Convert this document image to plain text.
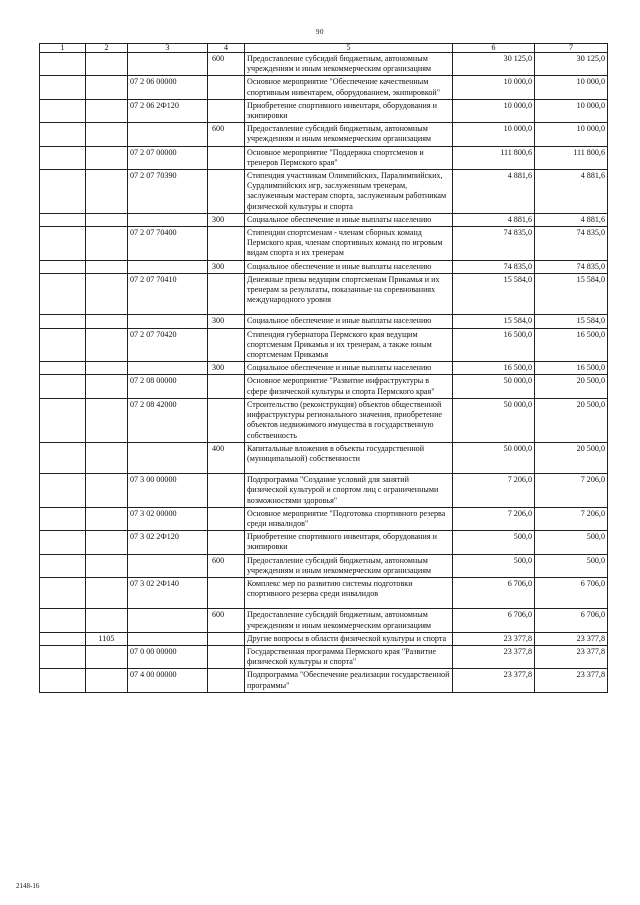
90
1	2	3	4	5	6	7
			600	Предоставление субсидий бюджетным, автономным учреждениям и иным некоммерческим организациям	30 125,0	30 125,0
		07 2 06 00000		Основное мероприятие "Обеспечение качественным спортивным инвентарем, оборудованием, экипировкой"	10 000,0	10 000,0
		07 2 06 2Ф120		Приобретение спортивного инвентаря, оборудования и экипировки	10 000,0	10 000,0
			600	Предоставление субсидий бюджетным, автономным учреждениям и иным некоммерческим организациям	10 000,0	10 000,0
		07 2 07 00000		Основное мероприятие "Поддержка спортсменов и тренеров Пермского края"	111 800,6	111 800,6
		07 2 07 70390		Стипендия участникам Олимпийских, Паралимпийских, Сурдлимпийских игр, заслуженным тренерам, заслуженным мастерам спорта, заслуженным работникам физической культуры и спорта	4 881,6	4 881,6
			300	Социальное обеспечение и иные выплаты населению	4 881,6	4 881,6
		07 2 07 70400		Стипендии спортсменам - членам сборных команд Пермского края, членам спортивных команд по игровым видам спорта и их тренерам	74 835,0	74 835,0
			300	Социальное обеспечение и иные выплаты населению	74 835,0	74 835,0
		07 2 07 70410		Денежные призы ведущим спортсменам Прикамья и их тренерам за результаты, показанные на соревнованиях международного уровня	15 584,0	15 584,0
			300	Социальное обеспечение и иные выплаты населению	15 584,0	15 584,0
		07 2 07 70420		Стипендия губернатора Пермского края ведущим спортсменам Прикамья и их тренерам, а также юным спортсменам Прикамья	16 500,0	16 500,0
			300	Социальное обеспечение и иные выплаты населению	16 500,0	16 500,0
		07 2 08 00000		Основное мероприятие "Развитие инфраструктуры в сфере физической культуры и спорта Пермского края"	50 000,0	20 500,0
		07 2 08 42000		Строительство (реконструкция) объектов общественной инфраструктуры регионального значения, приобретение объектов недвижимого имущества в государственную собственность	50 000,0	20 500,0
			400	Капитальные вложения в объекты государственной (муниципальной) собственности	50 000,0	20 500,0
		07 3 00 00000		Подпрограмма "Создание условий для занятий физической культурой и спортом лиц с ограниченными возможностями здоровья"	7 206,0	7 206,0
		07 3 02 00000		Основное мероприятие "Подготовка спортивного резерва среди инвалидов"	7 206,0	7 206,0
		07 3 02 2Ф120		Приобретение спортивного инвентаря, оборудования и экипировки	500,0	500,0
			600	Предоставление субсидий бюджетным, автономным учреждениям и иным некоммерческим организациям	500,0	500,0
		07 3 02 2Ф140		Комплекс мер по развитию системы подготовки спортивного резерва среди инвалидов	6 706,0	6 706,0
			600	Предоставление субсидий бюджетным, автономным учреждениям и иным некоммерческим организациям	6 706,0	6 706,0
	1105			Другие вопросы в области физической культуры и спорта	23 377,8	23 377,8
		07 0 00 00000		Государственная программа Пермского края "Развитие физической культуры и спорта"	23 377,8	23 377,8
		07 4 00 00000		Подпрограмма "Обеспечение реализации государственной программы"	23 377,8	23 377,8
2148-16
